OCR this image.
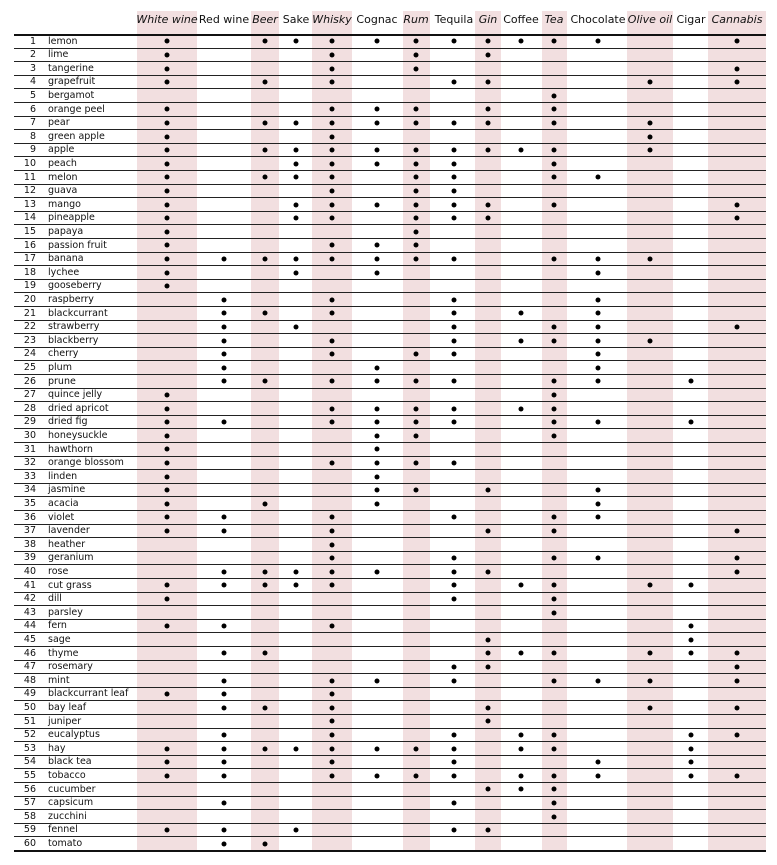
White wine Red wine Beer Sake Whisky Cognac Rum Tequila Gin Coffee Tea Chocolate Olive oil Cigar Cannabis
1 lemon
2 lime
3 tangerine
4 grapefruit
5 bergamot
6 orange peel
7 pear
8 green apple
9 apple
10 peach
11 melon
12 guava
13 mango
14 pineapple
15 papaya
16 passion fruit
17 banana
18 lychee
19 gooseberry
20 raspberry
21 blackcurrant
22 strawberry
23 blackberry
24 cherry
25 plum
26 prune
27 quince jelly
28 dried apricot
29 dried fig
30 honeysuckle
31 hawthorn
32 orange blossom
33 linden
34 jasmine
35 acacia
36 violet
37 lavender
38 heather
39 geranium
40 rose
41 cut grass
42 dill
43 parsley
44 fern
45 sage
46 thyme
47 rosemary
48 mint
49 blackcurrant leaf
50 bay leaf
51 juniper
52 eucalyptus
53 hay
54 black tea
55 tobacco
56 cucumber
57 capsicum
58 zucchini
59 fennel
60 tomato
